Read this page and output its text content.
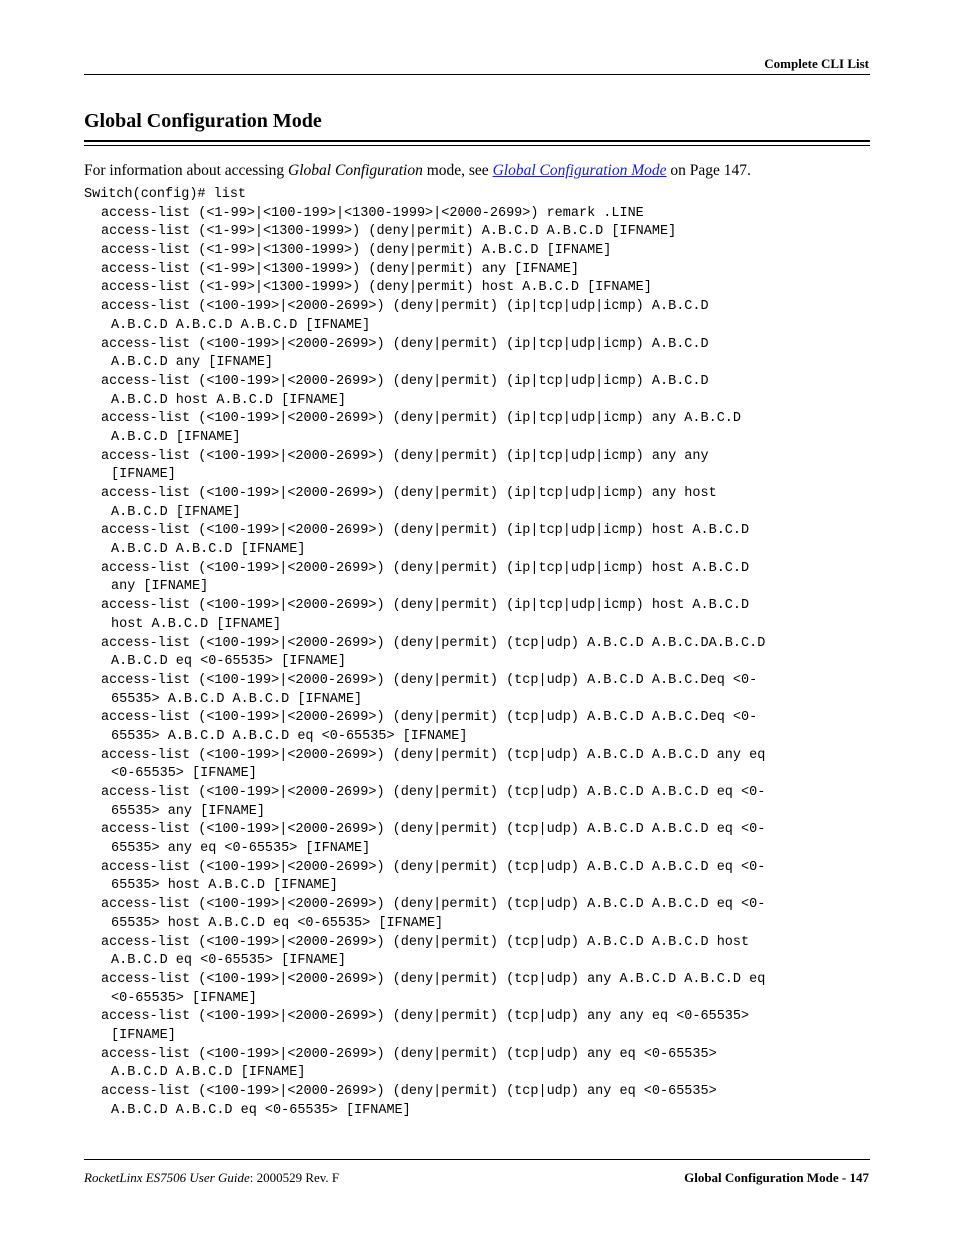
Complete CLI List
Global Configuration Mode

For information about accessing Global Configuration mode, see Global Configuration Mode on Page 147.

Switch(config)# list
access-list (<1-99>|<100-199>|<1300-1999>|<2000-2699>) remark .LINE
access-list (<1-99>|<1300-1999>) (deny|permit) A.B.C.D A.B.C.D [IFNAME]
access-list (<1-99>|<1300-1999>) (deny|permit) A.B.C.D [IFNAME]
access-list (<1-99>|<1300-1999>) (deny|permit) any [IFNAME]
access-list (<1-99>|<1300-1999>) (deny|permit) host A.B.C.D [IFNAME]
access-list (<100-199>|<2000-2699>) (deny|permit) (ip|tcp|udp|icmp) A.B.C.D
A.B.C.D A.B.C.D A.B.C.D [IFNAME]
access-list (<100-199>|<2000-2699>) (deny|permit) (ip|tcp|udp|icmp) A.B.C.D
A.B.C.D any [IFNAME]
access-list (<100-199>|<2000-2699>) (deny|permit) (ip|tcp|udp|icmp) A.B.C.D
A.B.C.D host A.B.C.D [IFNAME]
access-list (<100-199>|<2000-2699>) (deny|permit) (ip|tcp|udp|icmp) any A.B.C.D
A.B.C.D [IFNAME]
access-list (<100-199>|<2000-2699>) (deny|permit) (ip|tcp|udp|icmp) any any
[IFNAME]
access-list (<100-199>|<2000-2699>) (deny|permit) (ip|tcp|udp|icmp) any host
A.B.C.D [IFNAME]
access-list (<100-199>|<2000-2699>) (deny|permit) (ip|tcp|udp|icmp) host A.B.C.D
A.B.C.D A.B.C.D [IFNAME]
access-list (<100-199>|<2000-2699>) (deny|permit) (ip|tcp|udp|icmp) host A.B.C.D
any [IFNAME]
access-list (<100-199>|<2000-2699>) (deny|permit) (ip|tcp|udp|icmp) host A.B.C.D
host A.B.C.D [IFNAME]
access-list (<100-199>|<2000-2699>) (deny|permit) (tcp|udp) A.B.C.D A.B.C.DA.B.C.D
A.B.C.D eq <0-65535> [IFNAME]
access-list (<100-199>|<2000-2699>) (deny|permit) (tcp|udp) A.B.C.D A.B.C.Deq <0-
65535> A.B.C.D A.B.C.D [IFNAME]
access-list (<100-199>|<2000-2699>) (deny|permit) (tcp|udp) A.B.C.D A.B.C.Deq <0-
65535> A.B.C.D A.B.C.D eq <0-65535> [IFNAME]
access-list (<100-199>|<2000-2699>) (deny|permit) (tcp|udp) A.B.C.D A.B.C.D any eq
<0-65535> [IFNAME]
access-list (<100-199>|<2000-2699>) (deny|permit) (tcp|udp) A.B.C.D A.B.C.D eq <0-
65535> any [IFNAME]
access-list (<100-199>|<2000-2699>) (deny|permit) (tcp|udp) A.B.C.D A.B.C.D eq <0-
65535> any eq <0-65535> [IFNAME]
access-list (<100-199>|<2000-2699>) (deny|permit) (tcp|udp) A.B.C.D A.B.C.D eq <0-
65535> host A.B.C.D [IFNAME]
access-list (<100-199>|<2000-2699>) (deny|permit) (tcp|udp) A.B.C.D A.B.C.D eq <0-
65535> host A.B.C.D eq <0-65535> [IFNAME]
access-list (<100-199>|<2000-2699>) (deny|permit) (tcp|udp) A.B.C.D A.B.C.D host
A.B.C.D eq <0-65535> [IFNAME]
access-list (<100-199>|<2000-2699>) (deny|permit) (tcp|udp) any A.B.C.D A.B.C.D eq
<0-65535> [IFNAME]
access-list (<100-199>|<2000-2699>) (deny|permit) (tcp|udp) any any eq <0-65535>
[IFNAME]
access-list (<100-199>|<2000-2699>) (deny|permit) (tcp|udp) any eq <0-65535>
A.B.C.D A.B.C.D [IFNAME]
access-list (<100-199>|<2000-2699>) (deny|permit) (tcp|udp) any eq <0-65535>
A.B.C.D A.B.C.D eq <0-65535> [IFNAME]
RocketLinx ES7506 User Guide: 2000529 Rev. F	Global Configuration Mode - 147
